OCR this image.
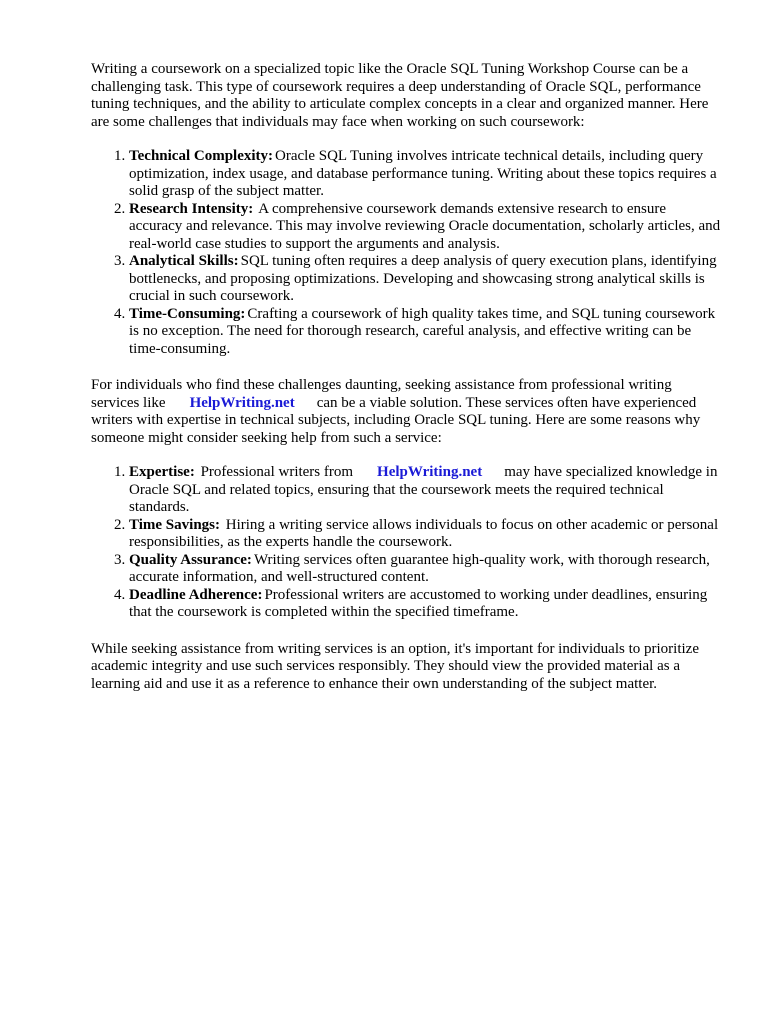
Writing a coursework on a specialized topic like the Oracle SQL Tuning Workshop Course can be a challenging task. This type of coursework requires a deep understanding of Oracle SQL, performance tuning techniques, and the ability to articulate complex concepts in a clear and organized manner. Here are some challenges that individuals may face when working on such coursework:

1. Technical Complexity: Oracle SQL Tuning involves intricate technical details, including query optimization, index usage, and database performance tuning. Writing about these topics requires a solid grasp of the subject matter.
2. Research Intensity: A comprehensive coursework demands extensive research to ensure accuracy and relevance. This may involve reviewing Oracle documentation, scholarly articles, and real-world case studies to support the arguments and analysis.
3. Analytical Skills: SQL tuning often requires a deep analysis of query execution plans, identifying bottlenecks, and proposing optimizations. Developing and showcasing strong analytical skills is crucial in such coursework.
4. Time-Consuming: Crafting a coursework of high quality takes time, and SQL tuning coursework is no exception. The need for thorough research, careful analysis, and effective writing can be time-consuming.

For individuals who find these challenges daunting, seeking assistance from professional writing services like HelpWriting.net can be a viable solution. These services often have experienced writers with expertise in technical subjects, including Oracle SQL tuning. Here are some reasons why someone might consider seeking help from such a service:

1. Expertise: Professional writers from HelpWriting.net may have specialized knowledge in Oracle SQL and related topics, ensuring that the coursework meets the required technical standards.
2. Time Savings: Hiring a writing service allows individuals to focus on other academic or personal responsibilities, as the experts handle the coursework.
3. Quality Assurance: Writing services often guarantee high-quality work, with thorough research, accurate information, and well-structured content.
4. Deadline Adherence: Professional writers are accustomed to working under deadlines, ensuring that the coursework is completed within the specified timeframe.

While seeking assistance from writing services is an option, it's important for individuals to prioritize academic integrity and use such services responsibly. They should view the provided material as a learning aid and use it as a reference to enhance their own understanding of the subject matter.
